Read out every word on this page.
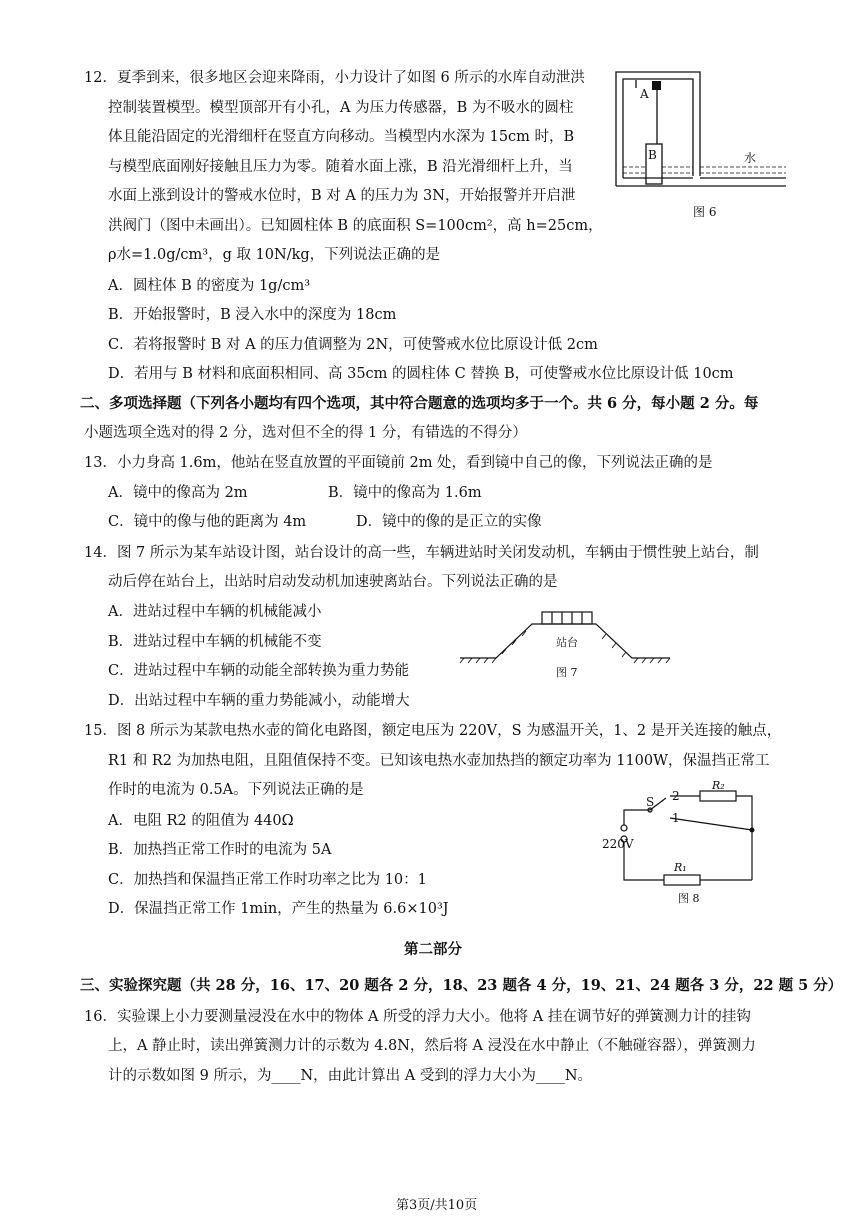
12．夏季到来，很多地区会迎来降雨，小力设计了如图 6 所示的水库自动泄洪
控制装置模型。模型顶部开有小孔，A 为压力传感器，B 为不吸水的圆柱
体且能沿固定的光滑细杆在竖直方向移动。当模型内水深为 15cm 时，B
与模型底面刚好接触且压力为零。随着水面上涨，B 沿光滑细杆上升，当
水面上涨到设计的警戒水位时，B 对 A 的压力为 3N，开始报警并开启泄
洪阀门（图中未画出）。已知圆柱体 B 的底面积 S=100cm²，高 h=25cm，
ρ水=1.0g/cm³，g 取 10N/kg，下列说法正确的是
A．圆柱体 B 的密度为 1g/cm³
B．开始报警时，B 浸入水中的深度为 18cm
C．若将报警时 B 对 A 的压力值调整为 2N，可使警戒水位比原设计低 2cm
D．若用与 B 材料和底面积相同、高 35cm 的圆柱体 C 替换 B，可使警戒水位比原设计低 10cm
A
B	水
图 6
二、多项选择题（下列各小题均有四个选项，其中符合题意的选项均多于一个。共 6 分，每小题 2 分。每
小题选项全选对的得 2 分，选对但不全的得 1 分，有错选的不得分）
13．小力身高 1.6m，他站在竖直放置的平面镜前 2m 处，看到镜中自己的像，下列说法正确的是
A．镜中的像高为 2m	B．镜中的像高为 1.6m
C．镜中的像与他的距离为 4m	D．镜中的像的是正立的实像
14．图 7 所示为某车站设计图，站台设计的高一些，车辆进站时关闭发动机，车辆由于惯性驶上站台，制
动后停在站台上，出站时启动发动机加速驶离站台。下列说法正确的是
A．进站过程中车辆的机械能减小
B．进站过程中车辆的机械能不变
C．进站过程中车辆的动能全部转换为重力势能
D．出站过程中车辆的重力势能减小，动能增大
站台
图 7
15．图 8 所示为某款电热水壶的简化电路图，额定电压为 220V，S 为感温开关，1、2 是开关连接的触点，
R1 和 R2 为加热电阻，且阻值保持不变。已知该电热水壶加热挡的额定功率为 1100W，保温挡正常工
作时的电流为 0.5A。下列说法正确的是
A．电阻 R2 的阻值为 440Ω
B．加热挡正常工作时的电流为 5A
C．加热挡和保温挡正常工作时功率之比为 10：1
D．保温挡正常工作 1min，产生的热量为 6.6×10³J
S 2
1
R₂
R₁
220V
图 8
第二部分
三、实验探究题（共 28 分，16、17、20 题各 2 分，18、23 题各 4 分，19、21、24 题各 3 分，22 题 5 分）
16．实验课上小力要测量浸没在水中的物体 A 所受的浮力大小。他将 A 挂在调节好的弹簧测力计的挂钩
上，A 静止时，读出弹簧测力计的示数为 4.8N，然后将 A 浸没在水中静止（不触碰容器），弹簧测力
计的示数如图 9 所示，为____N，由此计算出 A 受到的浮力大小为____N。
第3页/共10页
